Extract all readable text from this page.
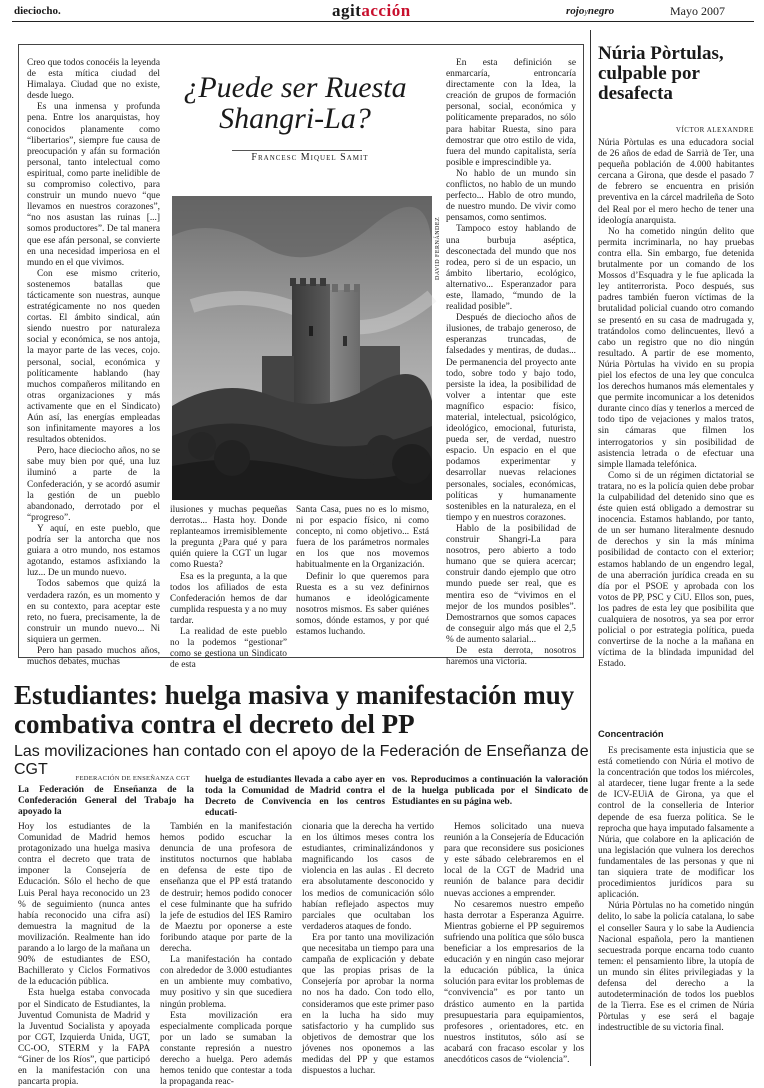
dieciocho.	agitacción	rojoynegro	Mayo 2007

Creo que todos conocéis la leyenda de esta mítica ciudad del Himalaya. Ciudad que no existe, desde luego.

Es una inmensa y profunda pena. Entre los anarquistas, hoy conocidos planamente como “libertarios”, siempre fue causa de preocupación y afán su formación personal, tanto intelectual como espiritual, como parte inelidible de su compromiso colectivo, para construir un mundo nuevo “que llevamos en nuestros corazones”, “no nos asustan las ruinas [...] somos productores”. De tal manera que ese afán personal, se convierte en una necesidad imperiosa en el mundo en el que vivimos.

Con ese mismo criterio, sostenemos batallas que tácticamente son nuestras, aunque estratégicamente no nos queden cortas. El ámbito sindical, aún siendo nuestro por naturaleza social y económica, se nos antoja, la mayor parte de las veces, cojo. personal, social, económica y políticamente hablando (hay muchos compañeros militando en otras organizaciones y más activamente que en el Sindicato) Aún así, las energías empleadas son infinitamente mayores a los resultados obtenidos.

Pero, hace dieciocho años, no se sabe muy bien por qué, una luz iluminó a parte de la Confederación, y se acordó asumir la gestión de un pueblo abandonado, derrotado por el “progreso”.

Y aquí, en este pueblo, que podría ser la antorcha que nos guiara a otro mundo, nos estamos agotando, estamos asfixiando la luz... De un mundo nuevo.

Todos sabemos que quizá la verdadera razón, es un momento y en su contexto, para aceptar este reto, no fuera, precisamente, la de construir un mundo nuevo... Ni siquiera un germen.

Pero han pasado muchos años, muchos debates, muchas

¿Puede ser Ruesta Shangri-La?
Francesc Miquel Samit
DAVID FERNÁNDEZ

ilusiones y muchas pequeñas derrotas... Hasta hoy. Donde replanteamos irremisiblemente la pregunta ¿Para qué y para quién quiere la CGT un lugar como Ruesta?

Esa es la pregunta, a la que todos los afiliados de esta Confederación hemos de dar cumplida respuesta y a no muy tardar.

La realidad de este pueblo no la podemos “gestionar” como se gestiona un Sindicato de esta

Santa Casa, pues no es lo mismo, ni por espacio físico, ni como concepto, ni como objetivo... Está fuera de los parámetros normales en los que nos movemos habitualmente en la Organización.

Definir lo que queremos para Ruesta es a su vez definirnos humanos e ideológicamente nosotros mismos. Es saber quiénes somos, dónde estamos, y por qué estamos luchando.

En esta definición se enmarcaría, entroncaría directamente con la Idea, la creación de grupos de formación personal, social, económica y políticamente preparados, no sólo para habitar Ruesta, sino para demostrar que otro estilo de vida, fuera del mundo capitalista, sería posible e imprescindible ya.

No hablo de un mundo sin conflictos, no hablo de un mundo perfecto... Hablo de otro mundo, de nuestro mundo. De vivir como pensamos, como sentimos.

Tampoco estoy hablando de una burbuja aséptica, desconectada del mundo que nos rodea, pero si de un espacio, un ámbito libertario, ecológico, alternativo... Esperanzador para este, llamado, “mundo de la realidad posible”.

Después de dieciocho años de ilusiones, de trabajo generoso, de esperanzas truncadas, de falsedades y mentiras, de dudas... De permanencia del proyecto ante todo, sobre todo y bajo todo, persiste la idea, la posibilidad de volver a intentar que este magnífico espacio: físico, material, intelectual, psicológico, ideológico, emocional, futurista, pueda ser, de verdad, nuestro espacio. Un espacio en el que podamos experimentar y desarrollar nuevas relaciones personales, sociales, económicas, políticas y humanamente sostenibles en la naturaleza, en el tiempo y en nuestros corazones.

Hablo de la posibilidad de construir Shangri-La para nosotros, pero abierto a todo humano que se quiera acercar; construir dando ejemplo que otro mundo puede ser real, que es mentira eso de “vivimos en el mejor de los mundos posibles”. Demostrarnos que somos capaces de conseguir algo más que el 2,5 % de aumento salarial...

De esta derrota, nosotros haremos una victoria.

Núria Pòrtulas, culpable por desafecta
VÍCTOR ALEXANDRE

Núria Pòrtulas es una educadora social de 26 años de edad de Sarrià de Ter, una pequeña población de 4.000 habitantes cercana a Girona, que desde el pasado 7 de febrero se encuentra en prisión preventiva en la cárcel madrileña de Soto del Real por el mero hecho de tener una ideología anarquista.

No ha cometido ningún delito que permita incriminarla, no hay pruebas contra ella. Sin embargo, fue detenida brutalmente por un comando de los Mossos d’Esquadra y le fue aplicada la ley antiterrorista. Poco después, sus padres también fueron víctimas de la brutalidad policial cuando otro comando se presentó en su casa de madrugada y, tratándolos como delincuentes, llevó a cabo un registro que no dio ningún resultado. A partir de ese momento, Núria Pòrtulas ha vivido en su propia piel los efectos de una ley que conculca los derechos humanos más elementales y que permite incomunicar a los detenidos durante cinco días y tenerlos a merced de todo tipo de vejaciones y malos tratos, sin cámaras que filmen los interrogatorios y sin posibilidad de asistencia letrada o de efectuar una simple llamada telefónica.

Como si de un régimen dictatorial se tratara, no es la policía quien debe probar la culpabilidad del detenido sino que es éste quien está obligado a demostrar su inocencia. Estamos hablando, por tanto, de un ser humano literalmente desnudo de derechos y sin la más mínima posibilidad de contacto con el exterior; estamos hablando de un engendro legal, de una aberración jurídica creada en su día por el PSOE y aprobada con los votos de PP, PSC y CiU. Ellos son, pues, los padres de esta ley que posibilita que cualquiera de nosotros, ya sea por error policial o por estrategia política, pueda convertirse de la noche a la mañana en víctima de la blindada impunidad del Estado.

Concentración

Es precisamente esta injusticia que se está cometiendo con Núria el motivo de la concentración que todos los miércoles, al atardecer, tiene lugar frente a la sede de ICV-EUiA de Girona, ya que el control de la conselleria de Interior depende de esa fuerza política. Se le reprocha que haya imputado falsamente a Núria, que colabore en la aplicación de una legislación que vulnera los derechos fundamentales de las personas y que ni tan siquiera trate de modificar los procedimientos jurídicos para su aplicación.

Núria Pòrtulas no ha cometido ningún delito, lo sabe la policía catalana, lo sabe el conseller Saura y lo sabe la Audiencia Nacional española, pero la mantienen secuestrada porque encarna todo cuanto temen: el pensamiento libre, la utopía de un mundo sin élites privilegiadas y la defensa del derecho a la autodeterminación de todos los pueblos de la Tierra. Ese es el crimen de Núria Pòrtulas y ese será el bagaje indestructible de su victoria final.

Estudiantes: huelga masiva y manifestación muy combativa contra el decreto del PP
Las movilizaciones han contado con el apoyo de la Federación de Enseñanza de CGT
FEDERACIÓN DE ENSEÑANZA CGT
La Federación de Enseñanza de la Confederación General del Trabajo ha apoyado la
huelga de estudiantes llevada a cabo ayer en toda la Comunidad de Madrid contra el Decreto de Convivencia en los centros educati-
vos. Reproducimos a continuación la valoración de la huelga publicada por el Sindicato de Estudiantes en su página web.

Hoy los estudiantes de la Comunidad de Madrid hemos protagonizado una huelga masiva contra el decreto que trata de imponer la Consejería de Educación. Sólo el hecho de que Luis Peral haya reconocido un 23 % de seguimiento (nunca antes había reconocido una cifra así) demuestra la magnitud de la movilización. Realmente han ido parando a lo largo de la mañana un 90% de estudiantes de ESO, Bachillerato y Ciclos Formativos de la educación pública.

Esta huelga estaba convocada por el Sindicato de Estudiantes, la Juventud Comunista de Madrid y la Juventud Socialista y apoyada por CGT, Izquierda Unida, UGT, CC-OO, STERM y la FAPA “Giner de los Ríos”, que participó en la manifestación con una pancarta propia.

También en la manifestación hemos podido escuchar la denuncia de una profesora de institutos nocturnos que hablaba en defensa de este tipo de enseñanza que el PP está tratando de destruir; hemos podido conocer el cese fulminante que ha sufrido la jefe de estudios del IES Ramiro de Maeztu por oponerse a este foribundo ataque por parte de la derecha.

La manifestación ha contado con alrededor de 3.000 estudiantes en un ambiente muy combativo, muy positivo y sin que sucediera ningún problema.

Esta movilización era especialmente complicada porque por un lado se sumaban la constante represión a nuestro derecho a huelga. Pero además hemos tenido que contestar a toda la propaganda reac-

cionaria que la derecha ha vertido en los últimos meses contra los estudiantes, criminalizándonos y magnificando los casos de violencia en las aulas . El decreto era absolutamente desconocido y los medios de comunicación sólo habían reflejado aspectos muy parciales que ocultaban los verdaderos ataques de fondo.

Era por tanto una movilización que necesitaba un tiempo para una campaña de explicación y debate que las propias prisas de la Consejería por aprobar la norma no nos ha dado. Con todo ello, consideramos que este primer paso en la lucha ha sido muy satisfactorio y ha cumplido sus objetivos de demostrar que los jóvenes nos oponemos a las medidas del PP y que estamos dispuestos a luchar.

Hemos solicitado una nueva reunión a la Consejería de Educación para que reconsidere sus posiciones y este sábado celebraremos en el local de la CGT de Madrid una reunión de balance para decidir nuevas acciones a emprender.

No cesaremos nuestro empeño hasta derrotar a Esperanza Aguirre. Mientras gobierne el PP seguiremos sufriendo una política que sólo busca beneficiar a los empresarios de la educación y en ningún caso mejorar la educación pública, la única solución para evitar los problemas de “convivencia” es por tanto un drástico aumento en la partida presupuestaria para equipamientos, profesores , orientadores, etc. en nuestros institutos, sólo así se acabará con fracaso escolar y los anecdóticos casos de “violencia”.
